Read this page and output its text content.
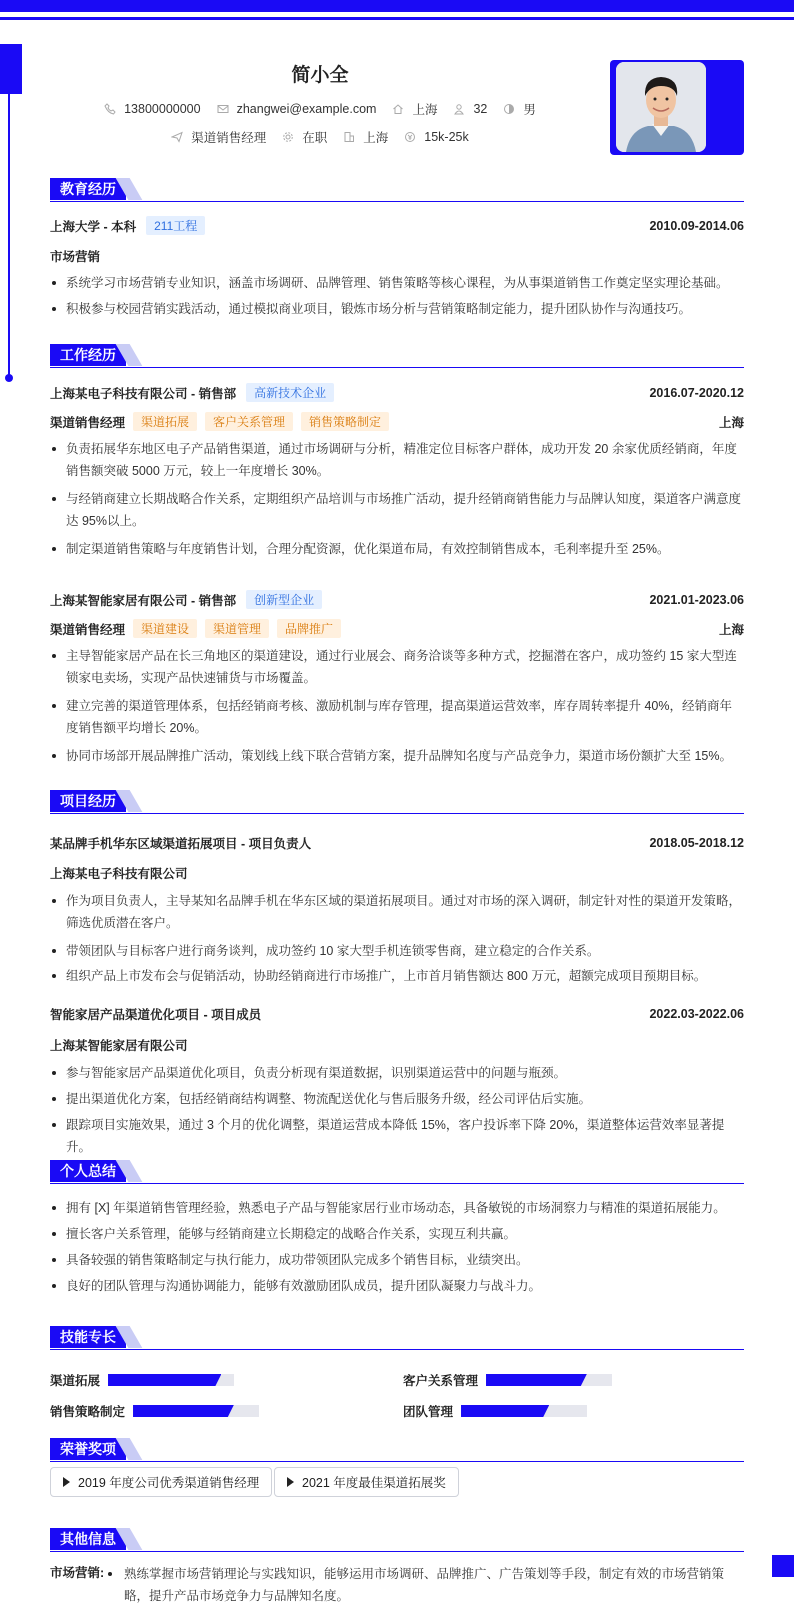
简小全
13800000000	zhangwei@example.com	上海	32	男
渠道销售经理	在职	上海	15k-25k
教育经历
上海大学 - 本科	211工程	2010.09-2014.06
市场营销
系统学习市场营销专业知识，涵盖市场调研、品牌管理、销售策略等核心课程，为从事渠道销售工作奠定坚实理论基础。
积极参与校园营销实践活动，通过模拟商业项目，锻炼市场分析与营销策略制定能力，提升团队协作与沟通技巧。
工作经历
上海某电子科技有限公司 - 销售部	高新技术企业	2016.07-2020.12
渠道销售经理	渠道拓展	客户关系管理	销售策略制定	上海
负责拓展华东地区电子产品销售渠道，通过市场调研与分析，精准定位目标客户群体，成功开发 20 余家优质经销商，年度销售额突破 5000 万元，较上一年度增长 30%。
与经销商建立长期战略合作关系，定期组织产品培训与市场推广活动，提升经销商销售能力与品牌认知度，渠道客户满意度达 95%以上。
制定渠道销售策略与年度销售计划，合理分配资源，优化渠道布局，有效控制销售成本，毛利率提升至 25%。
上海某智能家居有限公司 - 销售部	创新型企业	2021.01-2023.06
渠道销售经理	渠道建设	渠道管理	品牌推广	上海
主导智能家居产品在长三角地区的渠道建设，通过行业展会、商务洽谈等多种方式，挖掘潜在客户，成功签约 15 家大型连锁家电卖场，实现产品快速铺货与市场覆盖。
建立完善的渠道管理体系，包括经销商考核、激励机制与库存管理，提高渠道运营效率，库存周转率提升 40%，经销商年度销售额平均增长 20%。
协同市场部开展品牌推广活动，策划线上线下联合营销方案，提升品牌知名度与产品竞争力，渠道市场份额扩大至 15%。
项目经历
某品牌手机华东区域渠道拓展项目 - 项目负责人	2018.05-2018.12
上海某电子科技有限公司
作为项目负责人，主导某知名品牌手机在华东区域的渠道拓展项目。通过对市场的深入调研，制定针对性的渠道开发策略，筛选优质潜在客户。
带领团队与目标客户进行商务谈判，成功签约 10 家大型手机连锁零售商，建立稳定的合作关系。
组织产品上市发布会与促销活动，协助经销商进行市场推广，上市首月销售额达 800 万元，超额完成项目预期目标。
智能家居产品渠道优化项目 - 项目成员	2022.03-2022.06
上海某智能家居有限公司
参与智能家居产品渠道优化项目，负责分析现有渠道数据，识别渠道运营中的问题与瓶颈。
提出渠道优化方案，包括经销商结构调整、物流配送优化与售后服务升级，经公司评估后实施。
跟踪项目实施效果，通过 3 个月的优化调整，渠道运营成本降低 15%，客户投诉率下降 20%，渠道整体运营效率显著提升。
个人总结
拥有 [X] 年渠道销售管理经验，熟悉电子产品与智能家居行业市场动态，具备敏锐的市场洞察力与精准的渠道拓展能力。
擅长客户关系管理，能够与经销商建立长期稳定的战略合作关系，实现互利共赢。
具备较强的销售策略制定与执行能力，成功带领团队完成多个销售目标，业绩突出。
良好的团队管理与沟通协调能力，能够有效激励团队成员，提升团队凝聚力与战斗力。
技能专长
渠道拓展	客户关系管理
销售策略制定	团队管理
荣誉奖项
2019 年度公司优秀渠道销售经理	2021 年度最佳渠道拓展奖
其他信息
市场营销: 熟练掌握市场营销理论与实践知识，能够运用市场调研、品牌推广、广告策划等手段，制定有效的市场营销策略，提升产品市场竞争力与品牌知名度。
